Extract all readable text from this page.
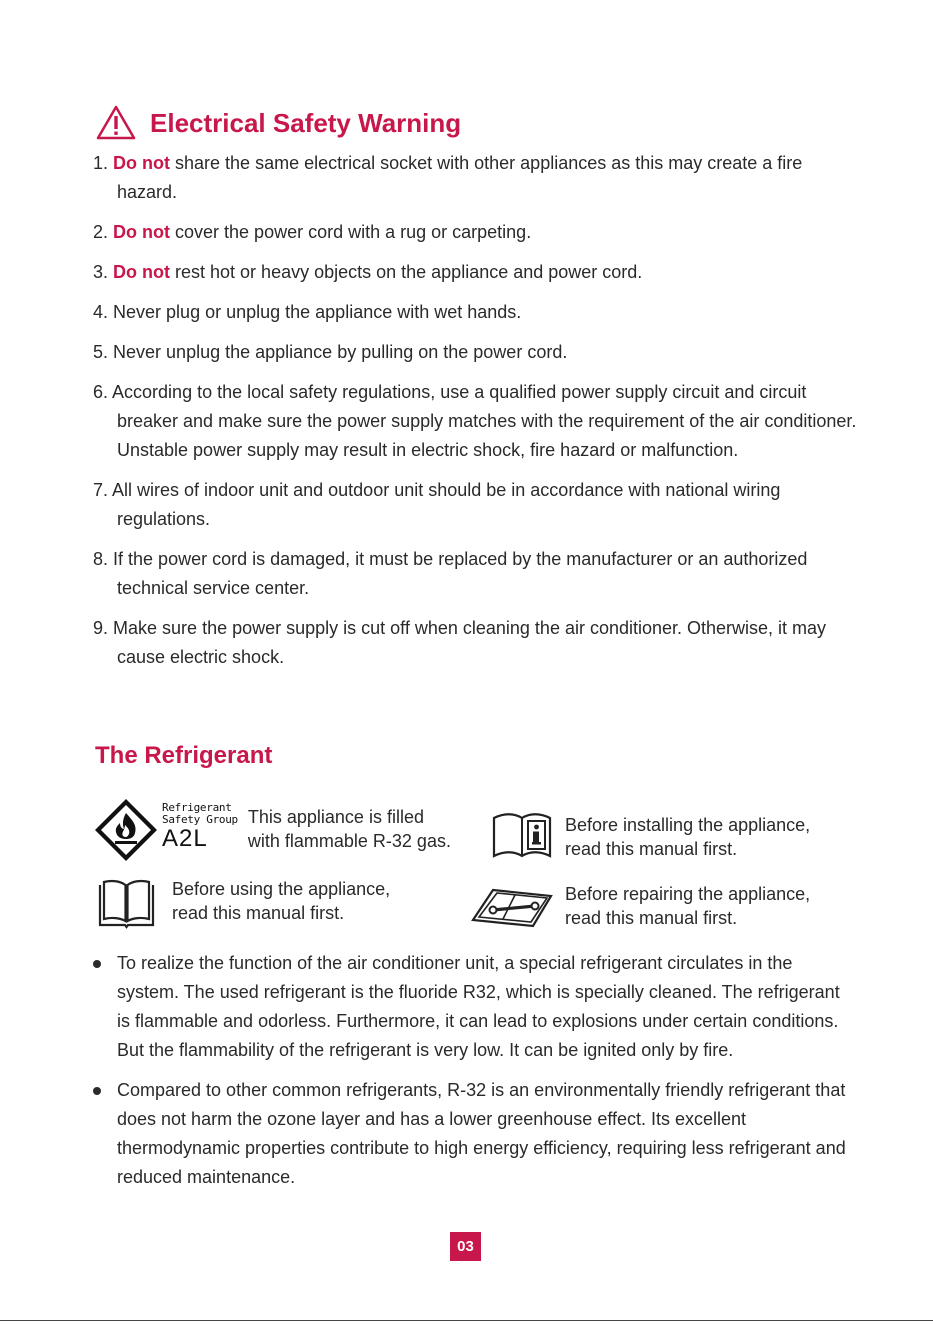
Electrical Safety Warning
1. Do not share the same electrical socket with other appliances as this may create a fire hazard.
2. Do not cover the power cord with a rug or carpeting.
3. Do not rest hot or heavy objects on the appliance and power cord.
4. Never plug or unplug the appliance with wet hands.
5. Never unplug the appliance by pulling on the power cord.
6. According to the local safety regulations, use a qualified power supply circuit and circuit breaker and make sure the power supply matches with the requirement of the air conditioner. Unstable power supply may result in electric shock, fire hazard or malfunction.
7. All wires of indoor unit and outdoor unit should be in accordance with national wiring regulations.
8. If the power cord is damaged, it must be replaced by the manufacturer or an authorized technical service center.
9. Make sure the power supply is cut off when cleaning the air conditioner. Otherwise, it may cause electric shock.
The Refrigerant
Refrigerant
Safety Group
A2L
This appliance is filled
with flammable R-32 gas.
Before installing the appliance,
read this manual first.
Before using the appliance,
read this manual first.
Before repairing the appliance,
read this manual first.
To realize the function of the air conditioner unit, a special refrigerant circulates in the system. The used refrigerant is the fluoride R32, which is specially cleaned. The refrigerant is flammable and odorless. Furthermore, it can lead to explosions under certain conditions. But the flammability of the refrigerant is very low. It can be ignited only by fire.
Compared to other common refrigerants, R-32 is an environmentally friendly refrigerant that does not harm the ozone layer and has a lower greenhouse effect. Its excellent thermodynamic properties contribute to high energy efficiency, requiring less refrigerant and reduced maintenance.
03
